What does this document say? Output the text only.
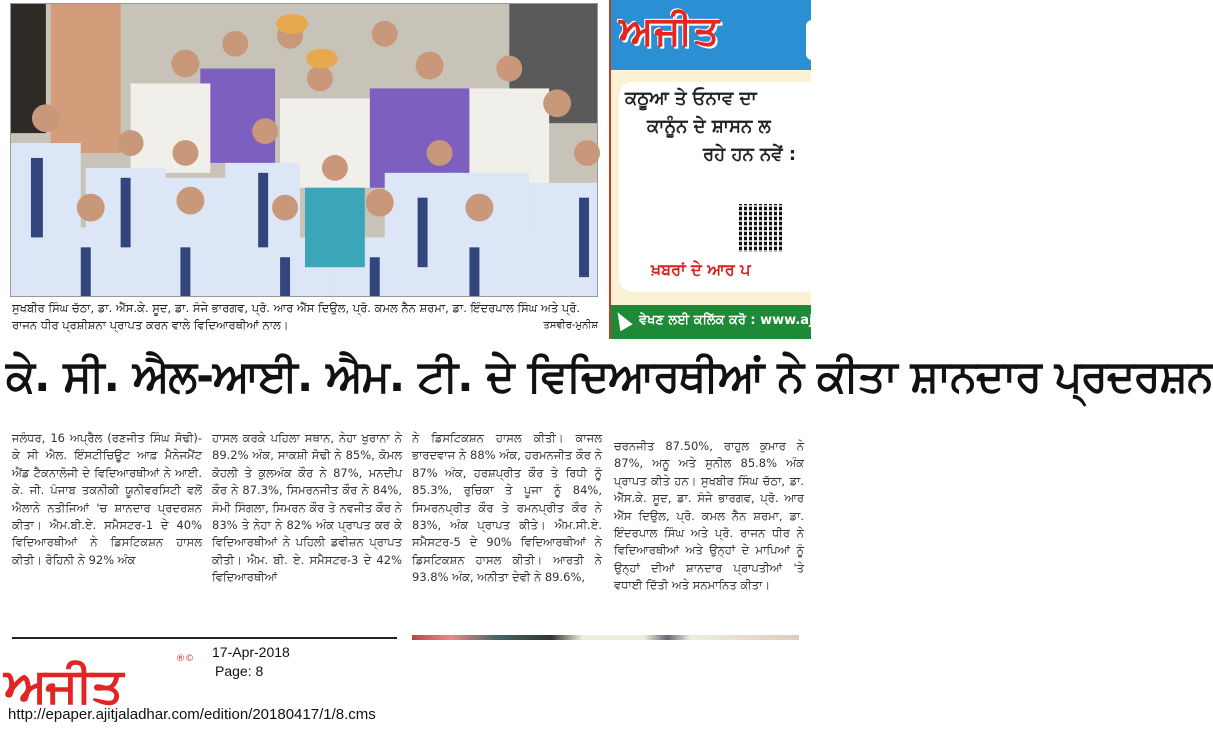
ਸੁਖਬੀਰ ਸਿੰਘ ਚੱਠਾ, ਡਾ. ਐੱਸ.ਕੇ. ਸੂਦ, ਡਾ. ਸੰਜੇ ਭਾਰਗਵ, ਪ੍ਰੋ. ਆਰ ਐੱਸ ਦਿਉਲ, ਪ੍ਰੋ. ਕਮਲ ਨੈਨ ਸ਼ਰਮਾ, ਡਾ. ਇੰਦਰਪਾਲ ਸਿੰਘ ਅਤੇ ਪ੍ਰੋ. ਰਾਜਨ ਧੀਰ ਪ੍ਰਸ਼ੀਸ਼ਨਾ ਪ੍ਰਾਪਤ ਕਰਨ ਵਾਲੇ ਵਿਦਿਆਰਥੀਆਂ ਨਾਲ।	ਤਸਵੀਰ-ਮੁਨੀਸ਼
ਅਜੀਤ
ਕਠੂਆ ਤੇ ਓਨਾਵ ਦਾ
ਕਾਨੂੰਨ ਦੇ ਸ਼ਾਸਨ ਲ
ਰਹੇ ਹਨ ਨਵੇਂ :
ਖ਼ਬਰਾਂ ਦੇ ਆਰ ਪ
ਵੇਖਣ ਲਈ ਕਲਿੱਕ ਕਰੋ : www.aj
ਕੇ. ਸੀ. ਐਲ-ਆਈ. ਐਮ. ਟੀ. ਦੇ ਵਿਦਿਆਰਥੀਆਂ ਨੇ ਕੀਤਾ ਸ਼ਾਨਦਾਰ ਪ੍ਰਦਰਸ਼ਨ
ਜਲੰਧਰ, 16 ਅਪ੍ਰੈਲ (ਰਣਜੀਤ ਸਿੰਘ ਸੋਢੀ)-ਕੇ ਸੀ ਐਲ. ਇੰਸਟੀਚਿਊਟ ਆਫ਼ ਮੈਨੇਜਮੈਂਟ ਐਂਡ ਟੈਕਨਾਲੋਜੀ ਦੇ ਵਿਦਿਆਰਥੀਆਂ ਨੇ ਆਈ. ਕੇ. ਜੀ. ਪੰਜਾਬ ਤਕਨੀਕੀ ਯੂਨੀਵਰਸਿਟੀ ਵਲੋਂ ਐਲਾਨੇ ਨਤੀਜਿਆਂ 'ਚ ਸ਼ਾਨਦਾਰ ਪ੍ਰਦਰਸ਼ਨ ਕੀਤਾ। ਐਮ.ਬੀ.ਏ. ਸਮੈਸਟਰ-1 ਦੇ 40% ਵਿਦਿਆਰਥੀਆਂ ਨੇ ਡਿਸਟਿਕਸ਼ਨ ਹਾਸਲ ਕੀਤੀ। ਰੋਹਿਨੀ ਨੇ 92% ਅੰਕ
ਹਾਸਲ ਕਰਕੇ ਪਹਿਲਾ ਸਥਾਨ, ਨੇਹਾ ਖੁਰਾਨਾ ਨੇ 89.2% ਅੰਕ, ਸਾਕਸ਼ੀ ਸੋਢੀ ਨੇ 85%, ਕੋਮਲ ਕੋਹਲੀ ਤੇ ਕੁਲਅੰਕ ਕੌਰ ਨੇ 87%, ਮਨਦੀਪ ਕੌਰ ਨੇ 87.3%, ਸਿਮਰਨਜੀਤ ਕੌਰ ਨੇ 84%, ਸੰਮੀ ਸਿੰਗਲਾ, ਸਿਮਰਨ ਕੌਰ ਤੇ ਨਵਜੀਤ ਕੌਰ ਨੇ 83% ਤੇ ਨੇਹਾ ਨੇ 82% ਅੰਕ ਪ੍ਰਾਪਤ ਕਰ ਕੇ ਵਿਦਿਆਰਥੀਆਂ ਨੇ ਪਹਿਲੀ ਡਵੀਜ਼ਨ ਪ੍ਰਾਪਤ ਕੀਤੀ। ਐਮ. ਬੀ. ਏ. ਸਮੈਸਟਰ-3 ਦੇ 42% ਵਿਦਿਆਰਥੀਆਂ
ਨੇ ਡਿਸਟਿਕਸ਼ਨ ਹਾਸਲ ਕੀਤੀ। ਕਾਜਲ ਭਾਰਦਵਾਜ ਨੇ 88% ਅੰਕ, ਹਰਮਨਜੀਤ ਕੌਰ ਨੇ 87% ਅੰਕ, ਹਰਸ਼ਪ੍ਰੀਤ ਕੌਰ ਤੇ ਰਿਧੀ ਨੂੰ 85.3%, ਰੁਚਿਕਾ ਤੇ ਪੂਜਾ ਨੂੰ 84%, ਸਿਮਰਨਪ੍ਰੀਤ ਕੌਰ ਤੇ ਰਮਨਪ੍ਰੀਤ ਕੌਰ ਨੇ 83%, ਅੰਕ ਪ੍ਰਾਪਤ ਕੀਤੇ। ਐਮ.ਸੀ.ਏ. ਸਮੈਸਟਰ-5 ਦੇ 90% ਵਿਦਿਆਰਥੀਆਂ ਨੇ ਡਿਸਟਿਕਸ਼ਨ ਹਾਸਲ ਕੀਤੀ। ਆਰਤੀ ਨੇ 93.8% ਅੰਕ, ਅਨੀਤਾ ਦੇਵੀ ਨੇ 89.6%,
ਚਰਨਜੀਤ 87.50%, ਰਾਹੁਲ ਕੁਮਾਰ ਨੇ 87%, ਅਨੂ ਅਤੇ ਸੁਨੀਲ 85.8% ਅੰਕ ਪ੍ਰਾਪਤ ਕੀਤੇ ਹਨ। ਸੁਖਬੀਰ ਸਿੰਘ ਚੱਠਾ, ਡਾ. ਐੱਸ.ਕੇ. ਸੂਦ, ਡਾ. ਸੰਜੇ ਭਾਰਗਵ, ਪ੍ਰੋ. ਆਰ ਐੱਸ ਦਿਉਲ, ਪ੍ਰੋ. ਕਮਲ ਨੈਨ ਸ਼ਰਮਾ, ਡਾ. ਇੰਦਰਪਾਲ ਸਿੰਘ ਅਤੇ ਪ੍ਰੋ. ਰਾਜਨ ਧੀਰ ਨੇ ਵਿਦਿਆਰਥੀਆਂ ਅਤੇ ਉਨ੍ਹਾਂ ਦੇ ਮਾਪਿਆਂ ਨੂੰ ਉਨ੍ਹਾਂ ਦੀਆਂ ਸ਼ਾਨਦਾਰ ਪ੍ਰਾਪਤੀਆਂ 'ਤੇ ਵਧਾਈ ਦਿੱਤੀ ਅਤੇ ਸਨਮਾਨਿਤ ਕੀਤਾ।
ਅਜੀਤ	®© 17-Apr-2018
Page: 8
http://epaper.ajitjaladhar.com/edition/20180417/1/8.cms
